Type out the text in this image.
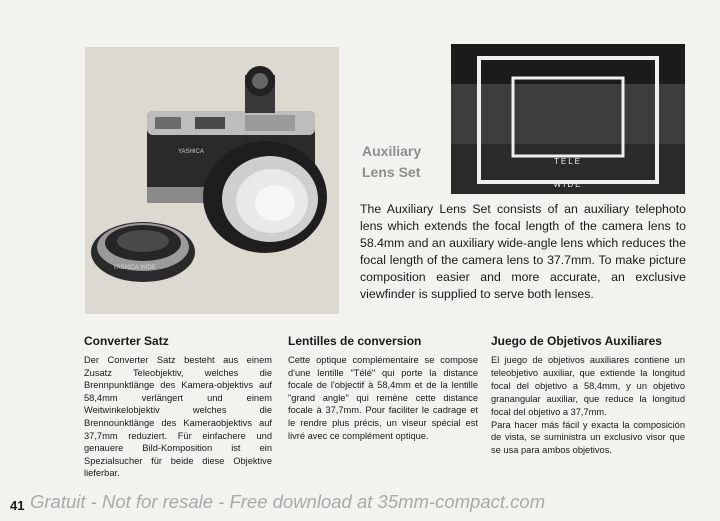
YASHICA
YASHICA WIDE
TELE
WIDE
Auxiliary
Lens Set
The Auxiliary Lens Set consists of an auxiliary telephoto lens which extends the focal length of the camera lens to 58.4mm and an auxiliary wide-angle lens which reduces the focal length of the camera lens to 37.7mm. To make picture composition easier and more accurate, an exclusive viewfinder is supplied to serve both lenses.
Converter Satz

Der Converter Satz besteht aus einem Zusatz Teleobjektiv, welches die Brennpunktlänge des Kamera-objektivs auf 58,4mm verlängert und einem Weitwinkelobjektiv welches die Brennounktlänge des Kameraobjektivs auf 37,7mm reduziert. Für einfachere und genauere Bild-Komposition ist ein Spezialsucher für beide diese Objektive lieferbar.

Lentilles de conversion

Cette optique complémentaire se compose d'une lentille "Télé" qui porte la distance focale de l'objectif à 58,4mm et de la lentille "grand angle" qui remène cette distance focale à 37,7mm. Pour faciliter le cadrage et le rendre plus précis, un viseur spécial est livré avec ce complément optique.

Juego de Objetivos Auxiliares

El juego de objetivos auxiliares contiene un teleobjetivo auxiliar, que extiende la longitud focal del objetivo a 58,4mm, y un objetivo granangular auxiliar, que reduce la longitud focal del objetivo a 37,7mm.

Para hacer más fácil y exacta la composición de vista, se suministra un exclusivo visor que se usa para ambos objetivos.

41 Gratuit - Not for resale - Free download at 35mm-compact.com
